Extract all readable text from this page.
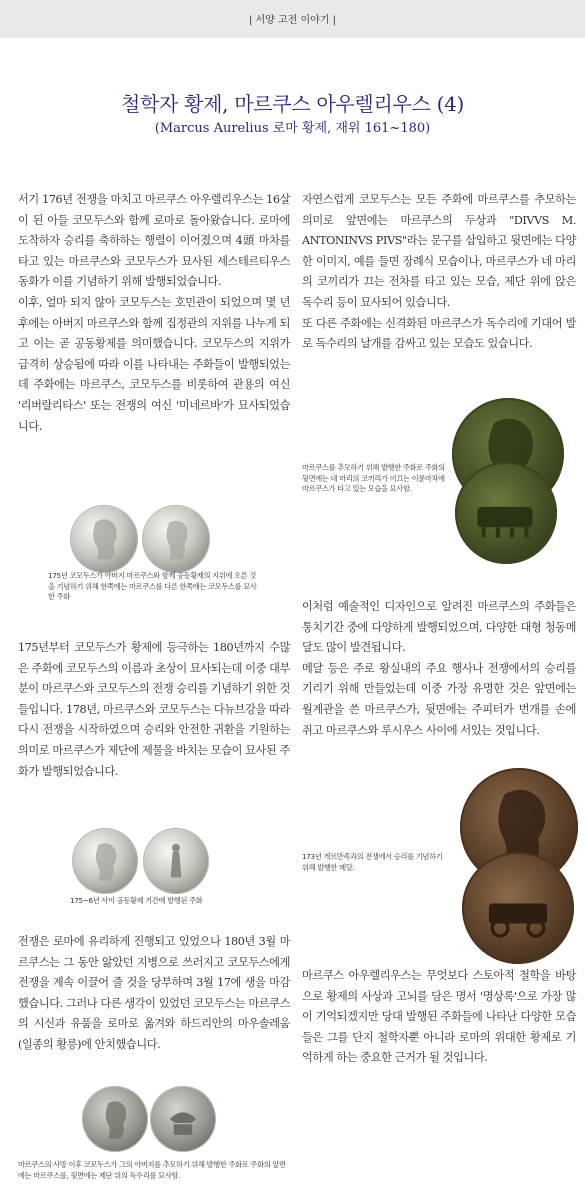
| 서양 고전 이야기 |
철학자 황제, 마르쿠스 아우렐리우스 (4)
(Marcus Aurelius 로마 황제, 재위 161~180)

서기 176년 전쟁을 마치고 마르쿠스 아우렐리우스는 16살이 된 아들 코모두스와 함께 로마로 돌아왔습니다. 로마에 도착하자 승리를 축하하는 행렬이 이어졌으며 4頭 마차를 타고 있는 마르쿠스와 코모두스가 묘사된 세스테르티우스 동화가 이를 기념하기 위해 발행되었습니다.

이후, 얼마 되지 않아 코모두스는 호민관이 되었으며 몇 년 후에는 아버지 마르쿠스와 함께 집정관의 지위를 나누게 되고 이는 곧 공동황제를 의미했습니다. 코모두스의 지위가 급격히 상승됨에 따라 이를 나타내는 주화들이 발행되었는데 주화에는 마르쿠스, 코모두스를 비롯하여 관용의 여신 '리버랄리타스' 또는 전쟁의 여신 '미네르바'가 묘사되었습니다.

175년 코모두스가 아버지 마르쿠스와 함께 공동황제의 지위에 오른 것을 기념하기 위해 한쪽에는 마르쿠스를 다른 한쪽에는 코모두스를 묘사한 주화

175년부터 코모두스가 황제에 등극하는 180년까지 수많은 주화에 코모두스의 이름과 초상이 묘사되는데 이중 대부분이 마르쿠스와 코모두스의 전쟁 승리를 기념하기 위한 것들입니다. 178년, 마르쿠스와 코모두스는 다뉴브강을 따라 다시 전쟁을 시작하였으며 승리와 안전한 귀환을 기원하는 의미로 마르쿠스가 제단에 제물을 바치는 모습이 묘사된 주화가 발행되었습니다.

175~6년 사이 공동황제 기간에 발행된 주화

전쟁은 로마에 유리하게 진행되고 있었으나 180년 3월 마르쿠스는 그 동안 앓았던 지병으로 쓰러지고 코모두스에게 전쟁을 계속 이끌어 줄 것을 당부하며 3월 17에 생을 마감했습니다. 그러나 다른 생각이 있었던 코모두스는 마르쿠스의 시신과 유품을 로마로 옮겨와 하드리안의 마우솔레움(일종의 황릉)에 안치했습니다.

마르쿠스의 사망 이후 코모두스가 그의 아버지를 추모하기 위해 발행한 주화로 주화의 앞면에는 마르쿠스를, 뒷면에는 제단 위의 독수리를 묘사함.

자연스럽게 코모두스는 모든 주화에 마르쿠스를 추모하는 의미로 앞면에는 마르쿠스의 두상과 "DIVVS M. ANTONINVS PIVS"라는 문구를 삽입하고 뒷면에는 다양한 이미지, 예를 들면 장례식 모습이나, 마르쿠스가 네 마리의 코끼리가 끄는 전차를 타고 있는 모습, 제단 위에 앉은 독수리 등이 묘사되어 있습니다.

또 다른 주화에는 신격화된 마르쿠스가 독수리에 기대어 발로 독수리의 날개를 감싸고 있는 모습도 있습니다.

마르쿠스를 추모하기 위해 발행한 주화로 주화의 뒷면에는 네 마리의 코끼리가 이끄는 이륜마차에 마르쿠스가 타고 있는 모습을 묘사함.

이처럼 예술적인 디자인으로 알려진 마르쿠스의 주화들은 통치기간 중에 다양하게 발행되었으며, 다양한 대형 청동메달도 많이 발견됩니다.

메달 등은 주로 왕실내의 주요 행사나 전쟁에서의 승리를 기리기 위해 만들었는데 이중 가장 유명한 것은 앞면에는 월계관을 쓴 마르쿠스가, 뒷면에는 주피터가 번개를 손에 쥐고 마르쿠스와 루시우스 사이에 서있는 것입니다.

173년 게르만족과의 전쟁에서 승리를 기념하기 위해 발행한 메달.

마르쿠스 아우렐리우스는 무엇보다 스토아적 철학을 바탕으로 황제의 사상과 고뇌를 담은 명서 '명상록'으로 가장 많이 기억되겠지만 당대 발행된 주화들에 나타난 다양한 모습들은 그를 단지 철학자뿐 아니라 로마의 위대한 황제로 기억하게 하는 중요한 근거가 될 것입니다.
